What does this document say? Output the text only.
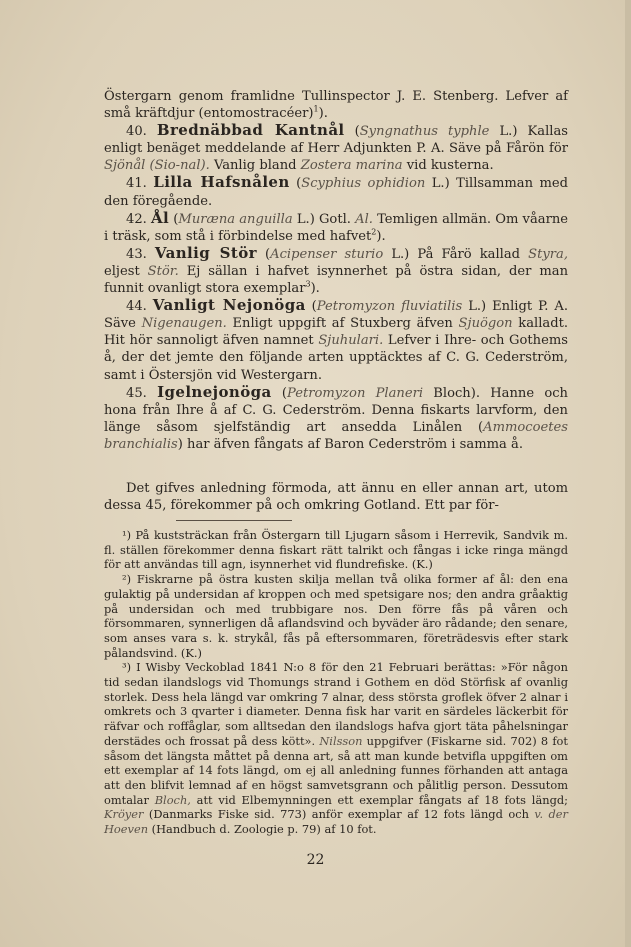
Östergarn genom framlidne Tullinspector J. E. Stenberg. Lefver af små kräftdjur (entomostracéer)$^1$).

40. Brednäbbad Kantnål (Syngnathus typhle L.) Kallas enligt benäget meddelande af Herr Adjunkten P. A. Säve på Fårön för Sjönål (Sio-nal). Vanlig bland Zostera marina vid kusterna.

41. Lilla Hafsnålen (Scyphius ophidion L.) Tillsamman med den föregående.

42. Ål (Muræna anguilla L.) Gotl. Al. Temligen allmän. Om våarne i träsk, som stå i förbindelse med hafvet$^2$).

43. Vanlig Stör (Acipenser sturio L.) På Fårö kallad Styra, eljest Stör. Ej sällan i hafvet isynnerhet på östra sidan, der man funnit ovanligt stora exemplar$^3$).

44. Vanligt Nejonöga (Petromyzon fluviatilis L.) Enligt P. A. Säve Nigenaugen. Enligt uppgift af Stuxberg äfven Sjuögon kalladt. Hit hör sannoligt äfven namnet Sjuhulari. Lefver i Ihre- och Gothems å, der det jemte den följande arten upptäcktes af C. G. Cederström, samt i Östersjön vid Westergarn.

45. Igelnejonöga (Petromyzon Planeri Bloch). Hanne och hona från Ihre å af C. G. Cederström. Denna fiskarts larvform, den länge såsom sjelfständig art ansedda Linålen (Ammocoetes branchialis) har äfven fångats af Baron Cederström i samma å.

Det gifves anledning förmoda, att ännu en eller annan art, utom dessa 45, förekommer på och omkring Gotland. Ett par för-

¹) På kuststräckan från Östergarn till Ljugarn såsom i Herrevik, Sandvik m. fl. ställen förekommer denna fiskart rätt talrikt och fångas i icke ringa mängd för att användas till agn, isynnerhet vid flundrefiske. (K.)

²) Fiskrarne på östra kusten skilja mellan två olika former af ål: den ena gulaktig på undersidan af kroppen och med spetsigare nos; den andra gråaktig på undersidan och med trubbigare nos. Den förre fås på våren och försommaren, synnerligen då aflandsvind och byväder äro rådande; den senare, som anses vara s. k. strykål, fås på eftersommaren, företrädesvis efter stark pålandsvind. (K.)

³) I Wisby Veckoblad 1841 N:o 8 för den 21 Februari berättas: »För någon tid sedan ilandslogs vid Thomungs strand i Gothem en död Störfisk af ovanlig storlek. Dess hela längd var omkring 7 alnar, dess största groflek öfver 2 alnar i omkrets och 3 qvarter i diameter. Denna fisk har varit en särdeles läckerbit för räfvar och roffåglar, som alltsedan den ilandslogs hafva gjort täta påhelsningar derstädes och frossat på dess kött». Nilsson uppgifver (Fiskarne sid. 702) 8 fot såsom det längsta måttet på denna art, så att man kunde betvifla uppgiften om ett exemplar af 14 fots längd, om ej all anledning funnes förhanden att antaga att den blifvit lemnad af en högst samvetsgrann och pålitlig person. Dessutom omtalar Bloch, att vid Elbemynningen ett exemplar fångats af 18 fots längd; Kröyer (Danmarks Fiske sid. 773) anför exemplar af 12 fots längd och v. der Hoeven (Handbuch d. Zoologie p. 79) af 10 fot.

22
